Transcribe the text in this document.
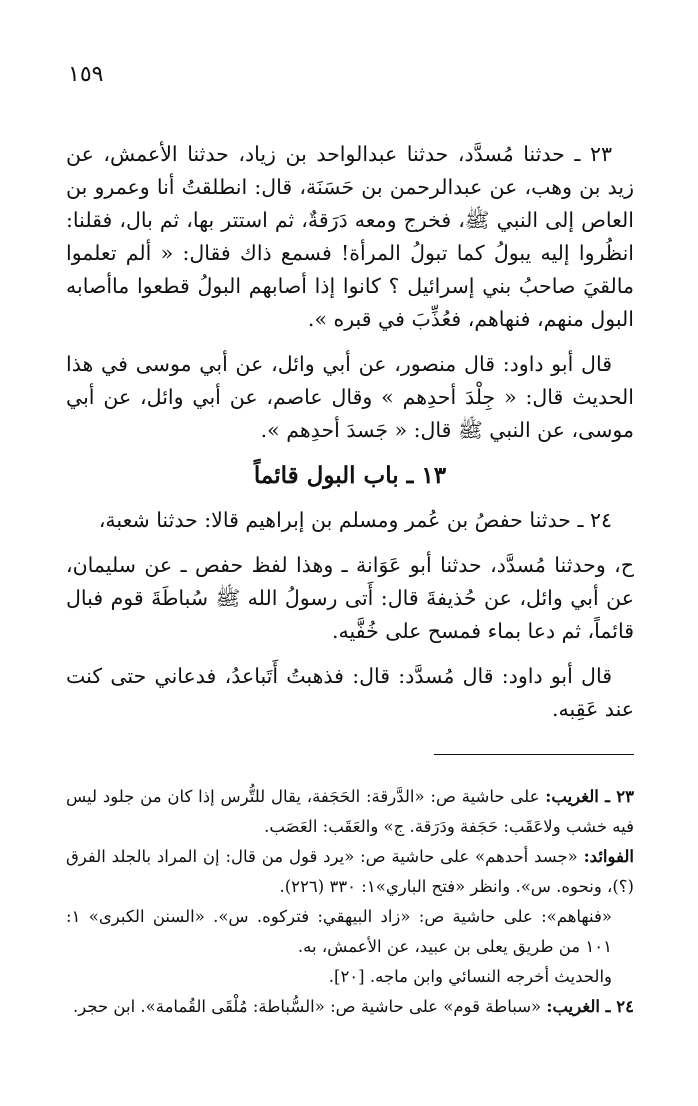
١٥٩

٢٣ ـ حدثنا مُسدَّد، حدثنا عبدالواحد بن زياد، حدثنا الأعمش، عن زيد بن وهب، عن عبدالرحمن بن حَسَنَة، قال: انطلقتُ أنا وعمرو بن العاص إلى النبي ﷺ، فخرج ومعه دَرَقةٌ، ثم استتر بها، ثم بال، فقلنا: انظُروا إليه يبولُ كما تبولُ المرأة! فسمع ذاك فقال: « ألم تعلموا مالقيَ صاحبُ بني إسرائيل ؟ كانوا إذا أصابهم البولُ قطعوا ماأصابه البول منهم، فنهاهم، فعُذِّبَ في قبره ».

قال أبو داود: قال منصور، عن أبي وائل، عن أبي موسى في هذا الحديث قال: « جِلْدَ أحدِهم » وقال عاصم، عن أبي وائل، عن أبي موسى، عن النبي ﷺ قال: « جَسدَ أحدِهم ».

١٣ ـ باب البول قائماً

٢٤ ـ حدثنا حفصُ بن عُمر ومسلم بن إبراهيم قالا: حدثنا شعبة،

ح، وحدثنا مُسدَّد، حدثنا أبو عَوَانة ـ وهذا لفظ حفص ـ عن سليمان، عن أبي وائل، عن حُذيفةَ قال: أَتى رسولُ الله ﷺ سُباطَةَ قوم فبال قائماً، ثم دعا بماء فمسح على خُفَّيه.

قال أبو داود: قال مُسدَّد: قال: فذهبتُ أَتَباعدُ، فدعاني حتى كنت عند عَقِبه.

٢٣ ـ الغريب: على حاشية ص: «الدَّرقة: الحَجَفة، يقال للتُّرس إذا كان من جلود ليس فيه خشب ولاعَقَب: حَجَفة ودَرَقة. ج» والعَقَب: العَصَب.

الفوائد: «جسد أحدهم» على حاشية ص: «يرد قول من قال: إن المراد بالجلد الفرق (؟)، ونحوه. س». وانظر «فتح الباري»١: ٣٣٠ (٢٢٦).

«فنهاهم»: على حاشية ص: «زاد البيهقي: فتركوه. س». «السنن الكبرى» ١: ١٠١ من طريق يعلى بن عبيد، عن الأعمش، به.

والحديث أخرجه النسائي وابن ماجه. [٢٠].

٢٤ ـ الغريب: «سباطة قوم» على حاشية ص: «السُّباطة: مُلْقَى القُمامة». ابن حجر.
